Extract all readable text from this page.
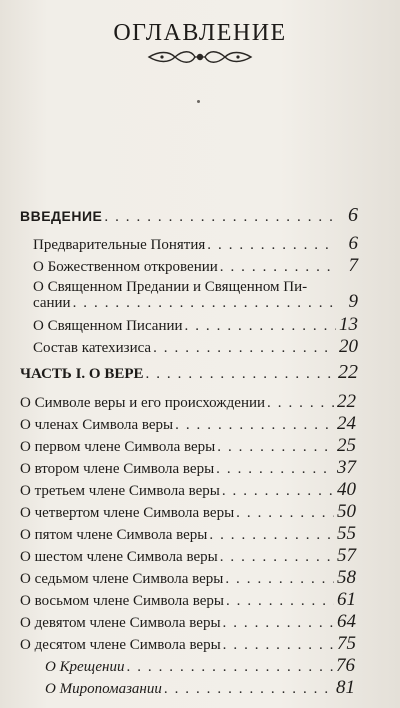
ОГЛАВЛЕНИЕ
ВВЕДЕНИЕ . . .	6
Предварительные Понятия . . .	6
О Божественном откровении . . .	7
О Священном Предании и Священном Пи-
сании . . .	9
О Священном Писании . . .	13
Состав катехизиса . . .	20
ЧАСТЬ I. О ВЕРЕ . . .	22
О Символе веры и его происхождении . . .	22
О членах Символа веры . . .	24
О первом члене Символа веры . . .	25
О втором члене Символа веры . . .	37
О третьем члене Символа веры . . .	40
О четвертом члене Символа веры . . .	50
О пятом члене Символа веры . . .	55
О шестом члене Символа веры . . .	57
О седьмом члене Символа веры . . .	58
О восьмом члене Символа веры . . .	61
О девятом члене Символа веры . . .	64
О десятом члене Символа веры . . .	75
О Крещении . . .	76
О Миропомазании . . .	81
